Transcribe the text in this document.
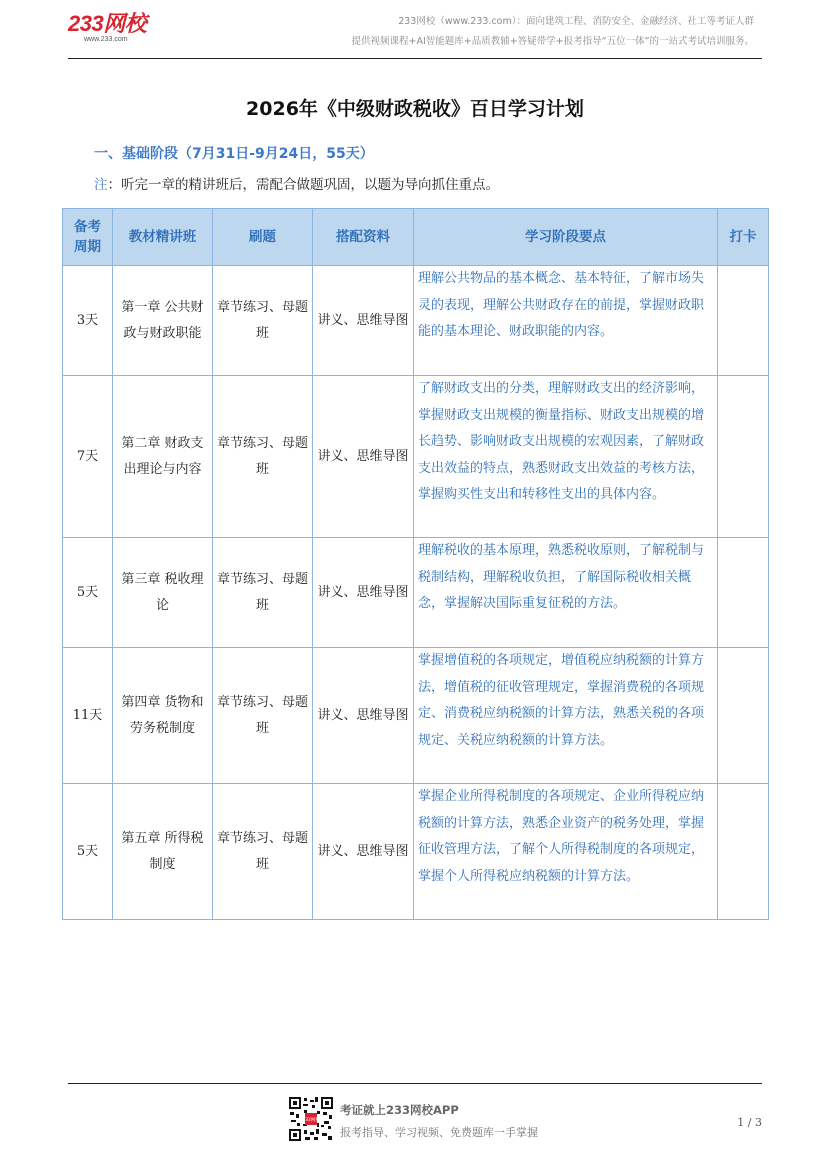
233网校
www.233.com
233网校（www.233.com）：面向建筑工程、消防安全、金融经济、社工等考证人群
提供视频课程+AI智能题库+品质教辅+答疑带学+报考指导“五位一体”的一站式考试培训服务。
2026年《中级财政税收》百日学习计划
一、基础阶段（7月31日-9月24日，55天）
注：听完一章的精讲班后，需配合做题巩固，以题为导向抓住重点。
备考周期	教材精讲班	刷题	搭配资料	学习阶段要点	打卡
3天	第一章 公共财政与财政职能	章节练习、母题班	讲义、思维导图	理解公共物品的基本概念、基本特征，了解市场失灵的表现，理解公共财政存在的前提，掌握财政职能的基本理论、财政职能的内容。	
7天	第二章 财政支出理论与内容	章节练习、母题班	讲义、思维导图	了解财政支出的分类，理解财政支出的经济影响，掌握财政支出规模的衡量指标、财政支出规模的增长趋势、影响财政支出规模的宏观因素，了解财政支出效益的特点，熟悉财政支出效益的考核方法，掌握购买性支出和转移性支出的具体内容。	
5天	第三章 税收理论	章节练习、母题班	讲义、思维导图	理解税收的基本原理，熟悉税收原则，了解税制与税制结构，理解税收负担，了解国际税收相关概念，掌握解决国际重复征税的方法。	
11天	第四章 货物和劳务税制度	章节练习、母题班	讲义、思维导图	掌握增值税的各项规定，增值税应纳税额的计算方法，增值税的征收管理规定，掌握消费税的各项规定、消费税应纳税额的计算方法，熟悉关税的各项规定、关税应纳税额的计算方法。	
5天	第五章 所得税制度	章节练习、母题班	讲义、思维导图	掌握企业所得税制度的各项规定、企业所得税应纳税额的计算方法，熟悉企业资产的税务处理，掌握征收管理方法，了解个人所得税制度的各项规定，掌握个人所得税应纳税额的计算方法。	
233网校
考证就上233网校APP
报考指导、学习视频、免费题库一手掌握
1 / 3
